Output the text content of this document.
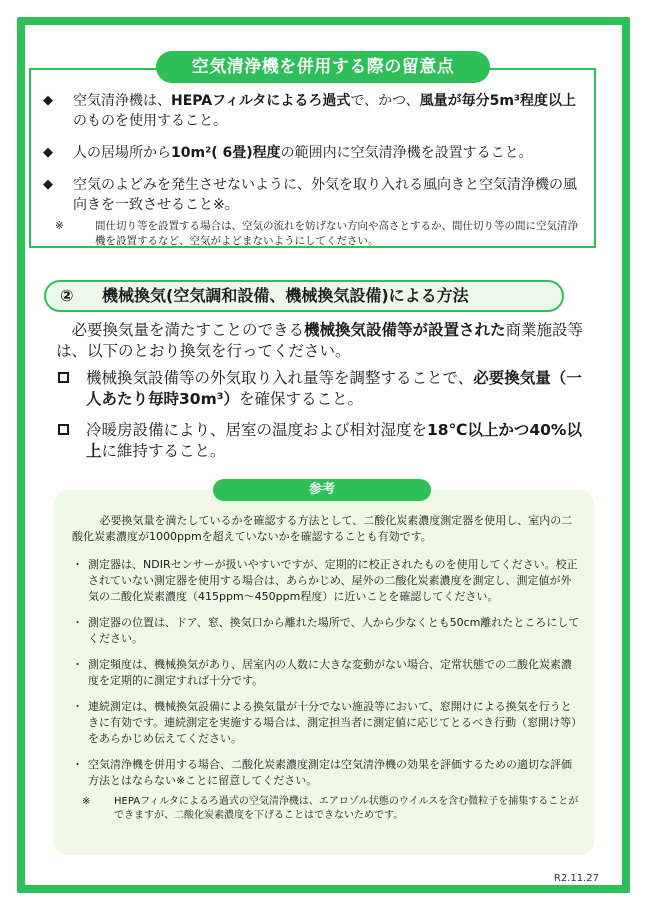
空気清浄機を併用する際の留意点
◆ 空気清浄機は、HEPAフィルタによるろ過式で、かつ、風量が毎分5m³程度以上のものを使用すること。
◆ 人の居場所から10m²( 6畳)程度の範囲内に空気清浄機を設置すること。
◆ 空気のよどみを発生させないように、外気を取り入れる風向きと空気清浄機の風向きを一致させること※。
※	間仕切り等を設置する場合は、空気の流れを妨げない方向や高さとするか、間仕切り等の間に空気清浄機を設置するなど、空気がよどまないようにしてください。
② 機械換気(空気調和設備、機械換気設備)による方法

必要換気量を満たすことのできる機械換気設備等が設置された商業施設等は、以下のとおり換気を行ってください。

機械換気設備等の外気取り入れ量等を調整することで、必要換気量（一人あたり毎時30m³）を確保すること。
冷暖房設備により、居室の温度および相対湿度を18℃以上かつ40%以上に維持すること。
参考

必要換気量を満たしているかを確認する方法として、二酸化炭素濃度測定器を使用し、室内の二酸化炭素濃度が1000ppmを超えていないかを確認することも有効です。

・ 測定器は、NDIRセンサーが扱いやすいですが、定期的に校正されたものを使用してください。校正されていない測定器を使用する場合は、あらかじめ、屋外の二酸化炭素濃度を測定し、測定値が外気の二酸化炭素濃度（415ppm〜450ppm程度）に近いことを確認してください。
・ 測定器の位置は、ドア、窓、換気口から離れた場所で、人から少なくとも50cm離れたところにしてください。
・ 測定頻度は、機械換気があり、居室内の人数に大きな変動がない場合、定常状態での二酸化炭素濃度を定期的に測定すれば十分です。
・ 連続測定は、機械換気設備による換気量が十分でない施設等において、窓開けによる換気を行うときに有効です。連続測定を実施する場合は、測定担当者に測定値に応じてとるべき行動（窓開け等）をあらかじめ伝えてください。
・ 空気清浄機を併用する場合、二酸化炭素濃度測定は空気清浄機の効果を評価するための適切な評価方法とはならない※ことに留意してください。
※ HEPAフィルタによるろ過式の空気清浄機は、エアロゾル状態のウイルスを含む微粒子を捕集することができますが、二酸化炭素濃度を下げることはできないためです。
R2.11.27
